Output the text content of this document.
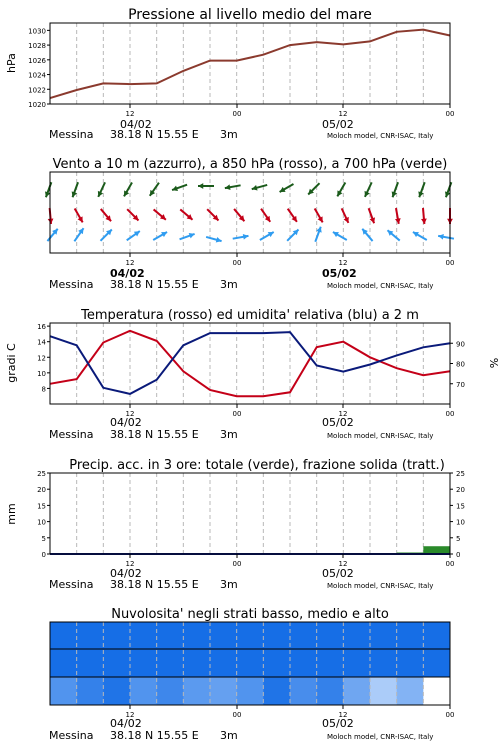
Pressione al livello medio del mare
hPa
1030
1028
1026
1024
1022
1020
12	00	12	00
04/02	05/02
Messina 38.18 N 15.55 E 3m	Moloch model, CNR-ISAC, Italy
Vento a 10 m (azzurro), a 850 hPa (rosso), a 700 hPa (verde)
12	00	12	00
04/02	05/02
Messina 38.18 N 15.55 E 3m	Moloch model, CNR-ISAC, Italy
Temperatura (rosso) ed umidita' relativa (blu) a 2 m
gradi C	%
16
14
12
10
8
90
80
70
12	00	12	00
04/02	05/02
Messina 38.18 N 15.55 E 3m	Moloch model, CNR-ISAC, Italy
Precip. acc. in 3 ore: totale (verde), frazione solida (tratt.)
mm
25
20
15
10
5
0
25
20
15
10
5
0
12	00	12	00
04/02	05/02
Messina 38.18 N 15.55 E 3m	Moloch model, CNR-ISAC, Italy
Nuvolosita' negli strati basso, medio e alto
12	00	12	00
04/02	05/02
Messina 38.18 N 15.55 E 3m	Moloch model, CNR-ISAC, Italy
